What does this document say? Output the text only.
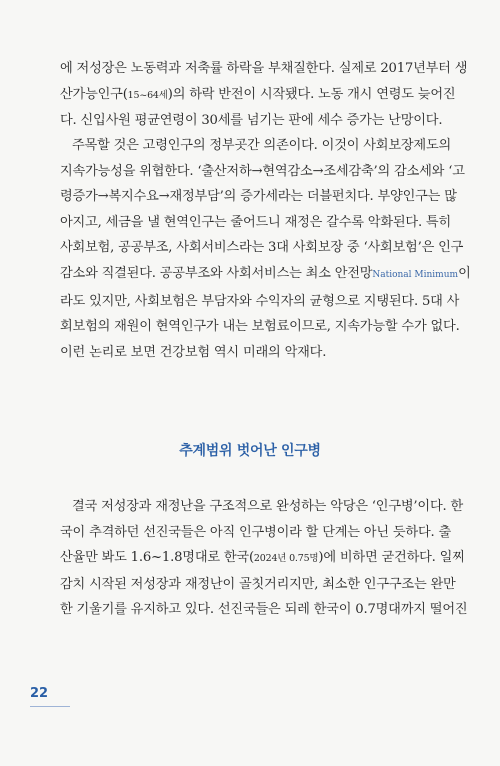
에 저성장은 노동력과 저축률 하락을 부채질한다. 실제로 2017년부터 생
산가능인구(15~64세)의 하락 반전이 시작됐다. 노동 개시 연령도 늦어진
다. 신입사원 평균연령이 30세를 넘기는 판에 세수 증가는 난망이다.
주목할 것은 고령인구의 정부곳간 의존이다. 이것이 사회보장제도의
지속가능성을 위협한다. ‘출산저하→현역감소→조세감축’의 감소세와 ‘고
령증가→복지수요→재정부담’의 증가세라는 더블펀치다. 부양인구는 많
아지고, 세금을 낼 현역인구는 줄어드니 재정은 갈수록 악화된다. 특히
사회보험, 공공부조, 사회서비스라는 3대 사회보장 중 ‘사회보험’은 인구
감소와 직결된다. 공공부조와 사회서비스는 최소 안전망National Minimum이
라도 있지만, 사회보험은 부담자와 수익자의 균형으로 지탱된다. 5대 사
회보험의 재원이 현역인구가 내는 보험료이므로, 지속가능할 수가 없다.
이런 논리로 보면 건강보험 역시 미래의 악재다.
추계범위 벗어난 인구병
결국 저성장과 재정난을 구조적으로 완성하는 악당은 ‘인구병’이다. 한
국이 추격하던 선진국들은 아직 인구병이라 할 단계는 아닌 듯하다. 출
산율만 봐도 1.6~1.8명대로 한국(2024년 0.75명)에 비하면 굳건하다. 일찌
감치 시작된 저성장과 재정난이 골칫거리지만, 최소한 인구구조는 완만
한 기울기를 유지하고 있다. 선진국들은 되레 한국이 0.7명대까지 떨어진
22
